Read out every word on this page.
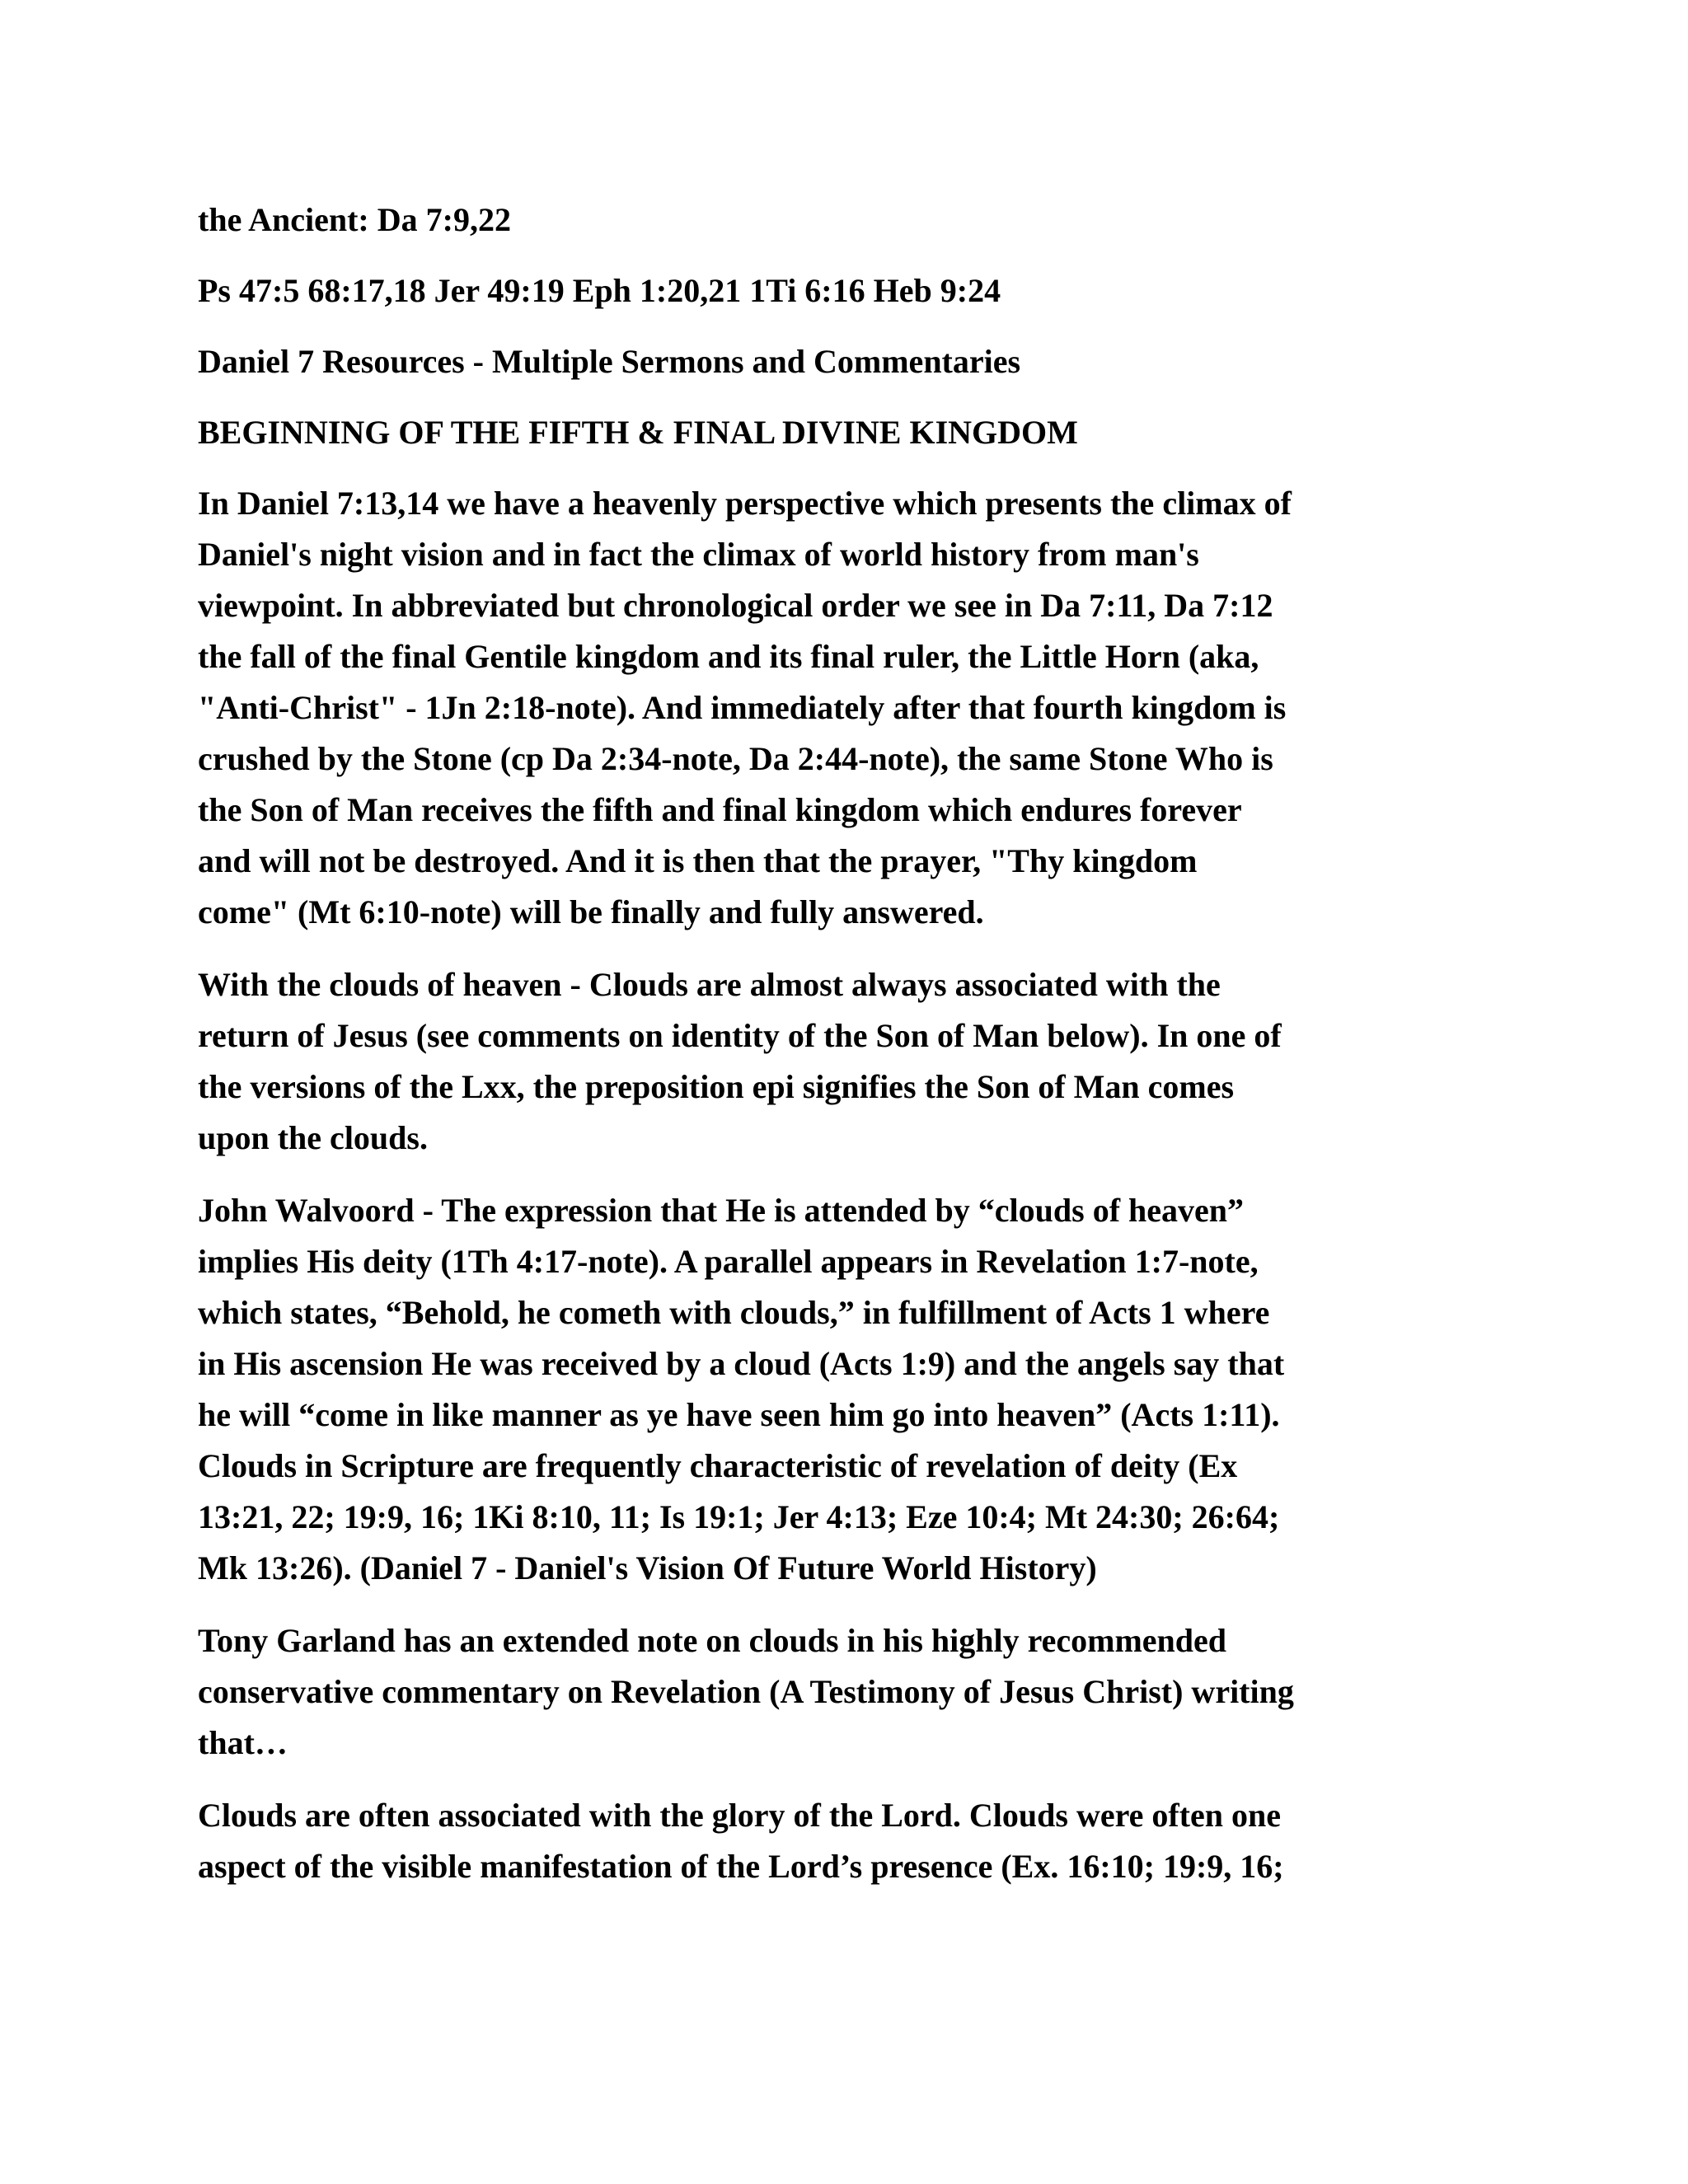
the Ancient: Da 7:9,22

Ps 47:5 68:17,18 Jer 49:19 Eph 1:20,21 1Ti 6:16 Heb 9:24

Daniel 7 Resources - Multiple Sermons and Commentaries

BEGINNING OF THE FIFTH & FINAL DIVINE KINGDOM

In Daniel 7:13,14 we have a heavenly perspective which presents the climax of
Daniel's night vision and in fact the climax of world history from man's
viewpoint. In abbreviated but chronological order we see in Da 7:11, Da 7:12
the fall of the final Gentile kingdom and its final ruler, the Little Horn (aka,
"Anti-Christ" - 1Jn 2:18-note). And immediately after that fourth kingdom is
crushed by the Stone (cp Da 2:34-note, Da 2:44-note), the same Stone Who is
the Son of Man receives the fifth and final kingdom which endures forever
and will not be destroyed. And it is then that the prayer, "Thy kingdom
come" (Mt 6:10-note) will be finally and fully answered.

With the clouds of heaven - Clouds are almost always associated with the
return of Jesus (see comments on identity of the Son of Man below). In one of
the versions of the Lxx, the preposition epi signifies the Son of Man comes
upon the clouds.

John Walvoord - The expression that He is attended by “clouds of heaven”
implies His deity (1Th 4:17-note). A parallel appears in Revelation 1:7-note,
which states, “Behold, he cometh with clouds,” in fulfillment of Acts 1 where
in His ascension He was received by a cloud (Acts 1:9) and the angels say that
he will “come in like manner as ye have seen him go into heaven” (Acts 1:11).
Clouds in Scripture are frequently characteristic of revelation of deity (Ex
13:21, 22; 19:9, 16; 1Ki 8:10, 11; Is 19:1; Jer 4:13; Eze 10:4; Mt 24:30; 26:64;
Mk 13:26). (Daniel 7 - Daniel's Vision Of Future World History)

Tony Garland has an extended note on clouds in his highly recommended
conservative commentary on Revelation (A Testimony of Jesus Christ) writing
that…

Clouds are often associated with the glory of the Lord. Clouds were often one
aspect of the visible manifestation of the Lord’s presence (Ex. 16:10; 19:9, 16;
